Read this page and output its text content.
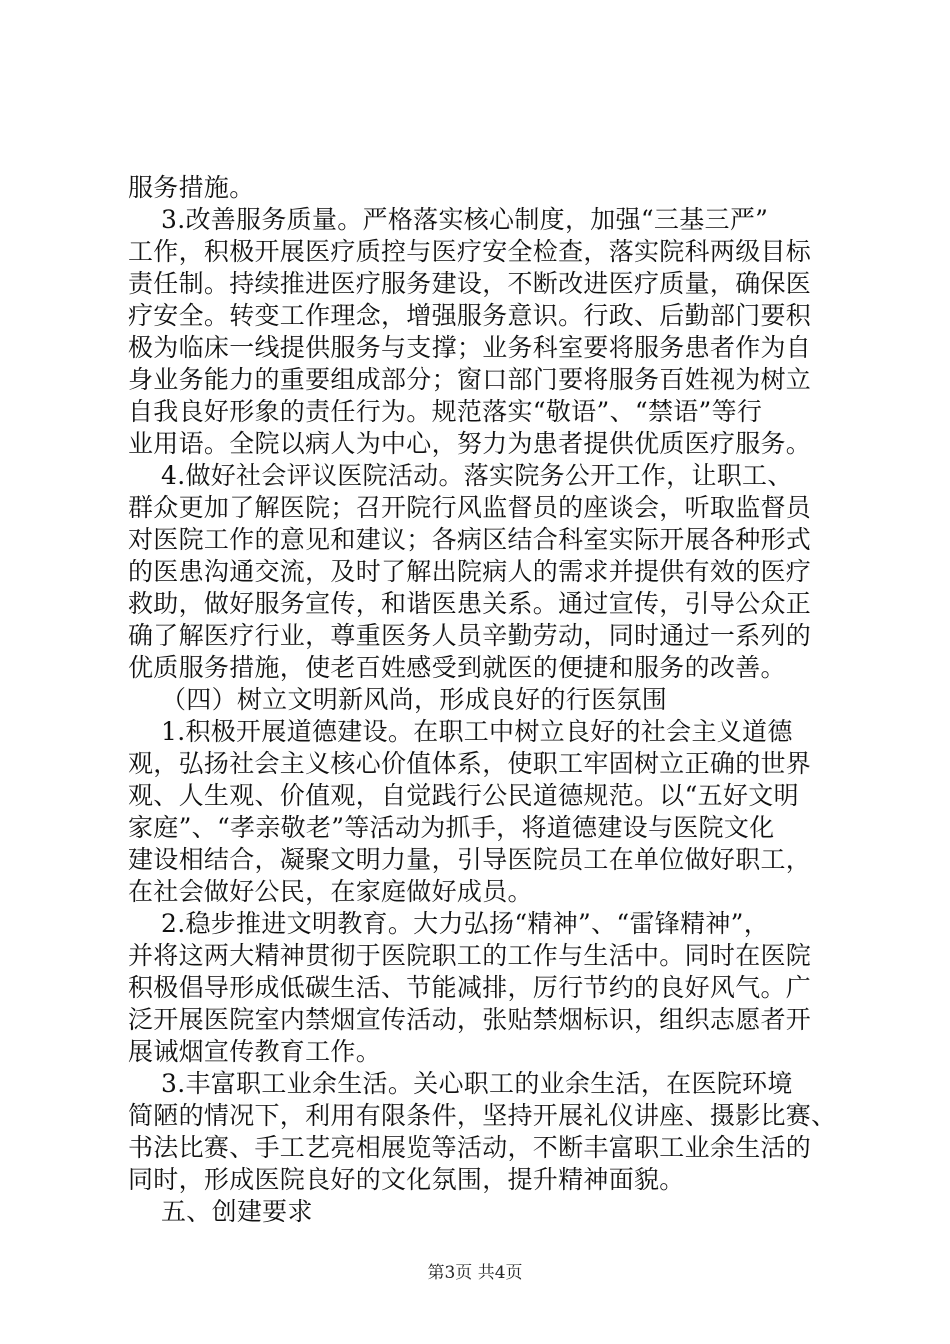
服务措施。
3.改善服务质量。严格落实核心制度，加强“三基三严”
工作，积极开展医疗质控与医疗安全检查，落实院科两级目标
责任制。持续推进医疗服务建设，不断改进医疗质量，确保医
疗安全。转变工作理念，增强服务意识。行政、后勤部门要积
极为临床一线提供服务与支撑；业务科室要将服务患者作为自
身业务能力的重要组成部分；窗口部门要将服务百姓视为树立
自我良好形象的责任行为。规范落实“敬语”、“禁语”等行
业用语。全院以病人为中心，努力为患者提供优质医疗服务。
4.做好社会评议医院活动。落实院务公开工作，让职工、
群众更加了解医院；召开院行风监督员的座谈会，听取监督员
对医院工作的意见和建议；各病区结合科室实际开展各种形式
的医患沟通交流，及时了解出院病人的需求并提供有效的医疗
救助，做好服务宣传，和谐医患关系。通过宣传，引导公众正
确了解医疗行业，尊重医务人员辛勤劳动，同时通过一系列的
优质服务措施，使老百姓感受到就医的便捷和服务的改善。
（四）树立文明新风尚，形成良好的行医氛围
1.积极开展道德建设。在职工中树立良好的社会主义道德
观，弘扬社会主义核心价值体系，使职工牢固树立正确的世界
观、人生观、价值观，自觉践行公民道德规范。以“五好文明
家庭”、“孝亲敬老”等活动为抓手，将道德建设与医院文化
建设相结合，凝聚文明力量，引导医院员工在单位做好职工，
在社会做好公民，在家庭做好成员。
2.稳步推进文明教育。大力弘扬“精神”、“雷锋精神”，
并将这两大精神贯彻于医院职工的工作与生活中。同时在医院
积极倡导形成低碳生活、节能减排，厉行节约的良好风气。广
泛开展医院室内禁烟宣传活动，张贴禁烟标识，组织志愿者开
展诫烟宣传教育工作。
3.丰富职工业余生活。关心职工的业余生活，在医院环境
简陋的情况下，利用有限条件，坚持开展礼仪讲座、摄影比赛、
书法比赛、手工艺亮相展览等活动，不断丰富职工业余生活的
同时，形成医院良好的文化氛围，提升精神面貌。
五、创建要求
第3页 共4页
